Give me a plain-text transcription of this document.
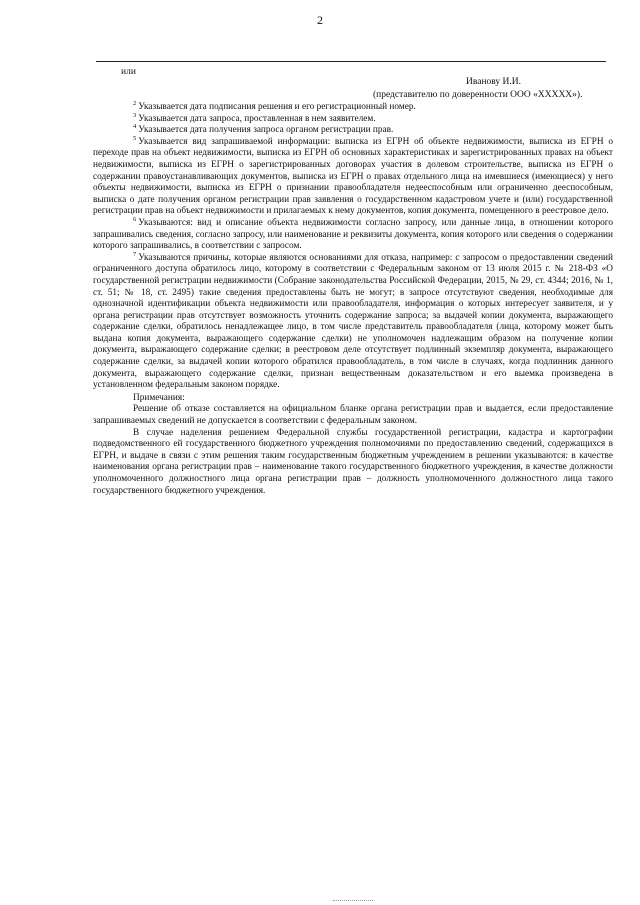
2
или
Иванову И.И.
(представителю по доверенности ООО «ХХХХХ»).

$^2$ Указывается дата подписания решения и его регистрационный номер.

$^3$ Указывается дата запроса, проставленная в нем заявителем.

$^4$ Указывается дата получения запроса органом регистрации прав.

$^5$ Указывается вид запрашиваемой информации: выписка из ЕГРН об объекте недвижимости, выписка из ЕГРН о переходе прав на объект недвижимости, выписка из ЕГРН об основных характеристиках и зарегистрированных правах на объект недвижимости, выписка из ЕГРН о зарегистрированных договорах участия в долевом строительстве, выписка из ЕГРН о содержании правоустанавливающих документов, выписка из ЕГРН о правах отдельного лица на имевшиеся (имеющиеся) у него объекты недвижимости, выписка из ЕГРН о признании правообладателя недееспособным или ограниченно дееспособным, выписка о дате получения органом регистрации прав заявления о государственном кадастровом учете и (или) государственной регистрации прав на объект недвижимости и прилагаемых к нему документов, копия документа, помещенного в реестровое дело.

$^6$ Указываются: вид и описание объекта недвижимости согласно запросу, или данные лица, в отношении которого запрашивались сведения, согласно запросу, или наименование и реквизиты документа, копия которого или сведения о содержании которого запрашивались, в соответствии с запросом.

$^7$ Указываются причины, которые являются основаниями для отказа, например: с запросом о предоставлении сведений ограниченного доступа обратилось лицо, которому в соответствии с Федеральным законом от 13 июля 2015 г. № 218-ФЗ «О государственной регистрации недвижимости (Собрание законодательства Российской Федерации, 2015, № 29, ст. 4344; 2016, № 1, ст. 51; № 18, ст. 2495) такие сведения предоставлены быть не могут; в запросе отсутствуют сведения, необходимые для однозначной идентификации объекта недвижимости или правообладателя, информация о которых интересует заявителя, и у органа регистрации прав отсутствует возможность уточнить содержание запроса; за выдачей копии документа, выражающего содержание сделки, обратилось ненадлежащее лицо, в том числе представитель правообладателя (лица, которому может быть выдана копия документа, выражающего содержание сделки) не уполномочен надлежащим образом на получение копии документа, выражающего содержание сделки; в реестровом деле отсутствует подлинный экземпляр документа, выражающего содержание сделки, за выдачей копии которого обратился правообладатель, в том числе в случаях, когда подлинник данного документа, выражающего содержание сделки, признан вещественным доказательством и его выемка произведена в установленном федеральным законом порядке.

Примечания:

Решение об отказе составляется на официальном бланке органа регистрации прав и выдается, если предоставление запрашиваемых сведений не допускается в соответствии с федеральным законом.

В случае наделения решением Федеральной службы государственной регистрации, кадастра и картографии подведомственного ей государственного бюджетного учреждения полномочиями по предоставлению сведений, содержащихся в ЕГРН, и выдаче в связи с этим решения таким государственным бюджетным учреждением в решении указываются: в качестве наименования органа регистрации прав – наименование такого государственного бюджетного учреждения, в качестве должности уполномоченного должностного лица органа регистрации прав – должность уполномоченного должностного лица такого государственного бюджетного учреждения.
